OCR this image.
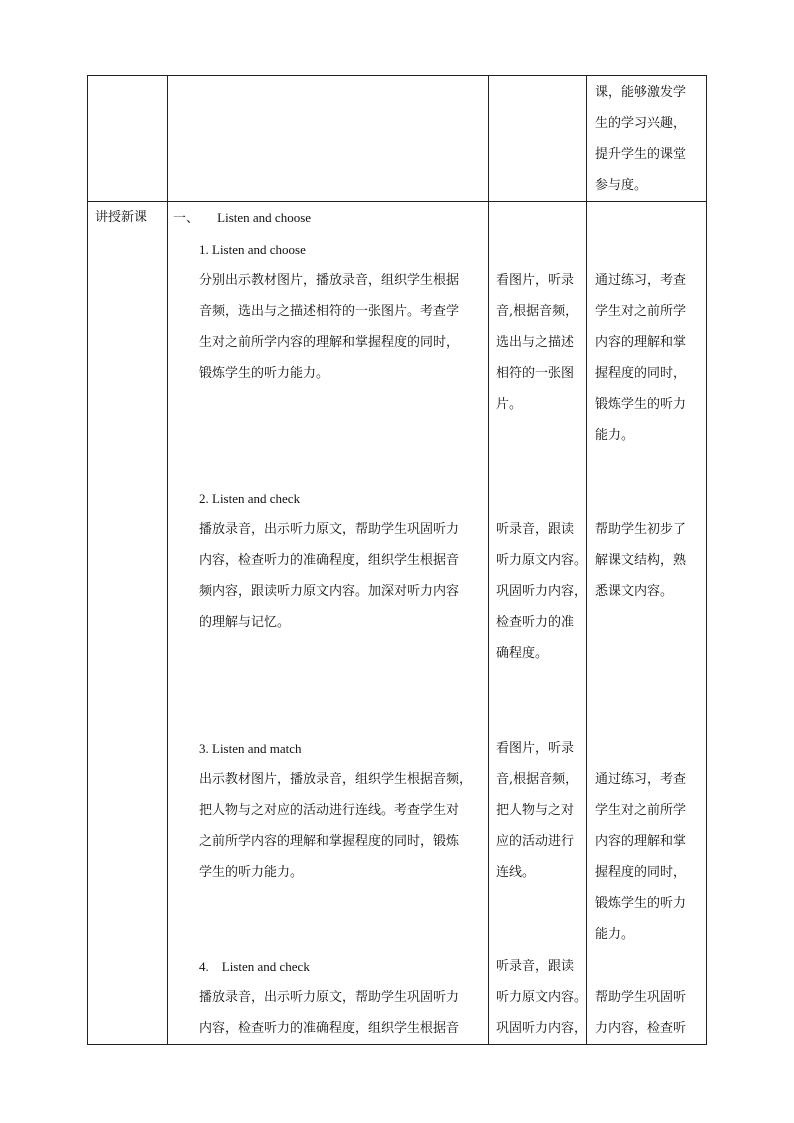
课，能够激发学
生的学习兴趣，
提升学生的课堂
参与度。
讲授新课 一、 Listen and choose
1. Listen and choose
分别出示教材图片，播放录音，组织学生根据
音频，选出与之描述相符的一张图片。考查学
生对之前所学内容的理解和掌握程度的同时，
锻炼学生的听力能力。
看图片，听录
音,根据音频，
选出与之描述
相符的一张图
片。
通过练习，考查
学生对之前所学
内容的理解和掌
握程度的同时，
锻炼学生的听力
能力。
2. Listen and check
播放录音，出示听力原文，帮助学生巩固听力
内容，检查听力的准确程度，组织学生根据音
频内容，跟读听力原文内容。加深对听力内容
的理解与记忆。
听录音，跟读
听力原文内容。
巩固听力内容，
检查听力的准
确程度。
帮助学生初步了
解课文结构，熟
悉课文内容。
3. Listen and match
出示教材图片，播放录音，组织学生根据音频，
把人物与之对应的活动进行连线。考查学生对
之前所学内容的理解和掌握程度的同时，锻炼
学生的听力能力。
看图片，听录
音,根据音频，
把人物与之对
应的活动进行
连线。
通过练习，考查
学生对之前所学
内容的理解和掌
握程度的同时，
锻炼学生的听力
能力。
4.    Listen and check
播放录音，出示听力原文，帮助学生巩固听力
内容，检查听力的准确程度，组织学生根据音
听录音，跟读
听力原文内容。
巩固听力内容，
帮助学生巩固听
力内容，检查听
